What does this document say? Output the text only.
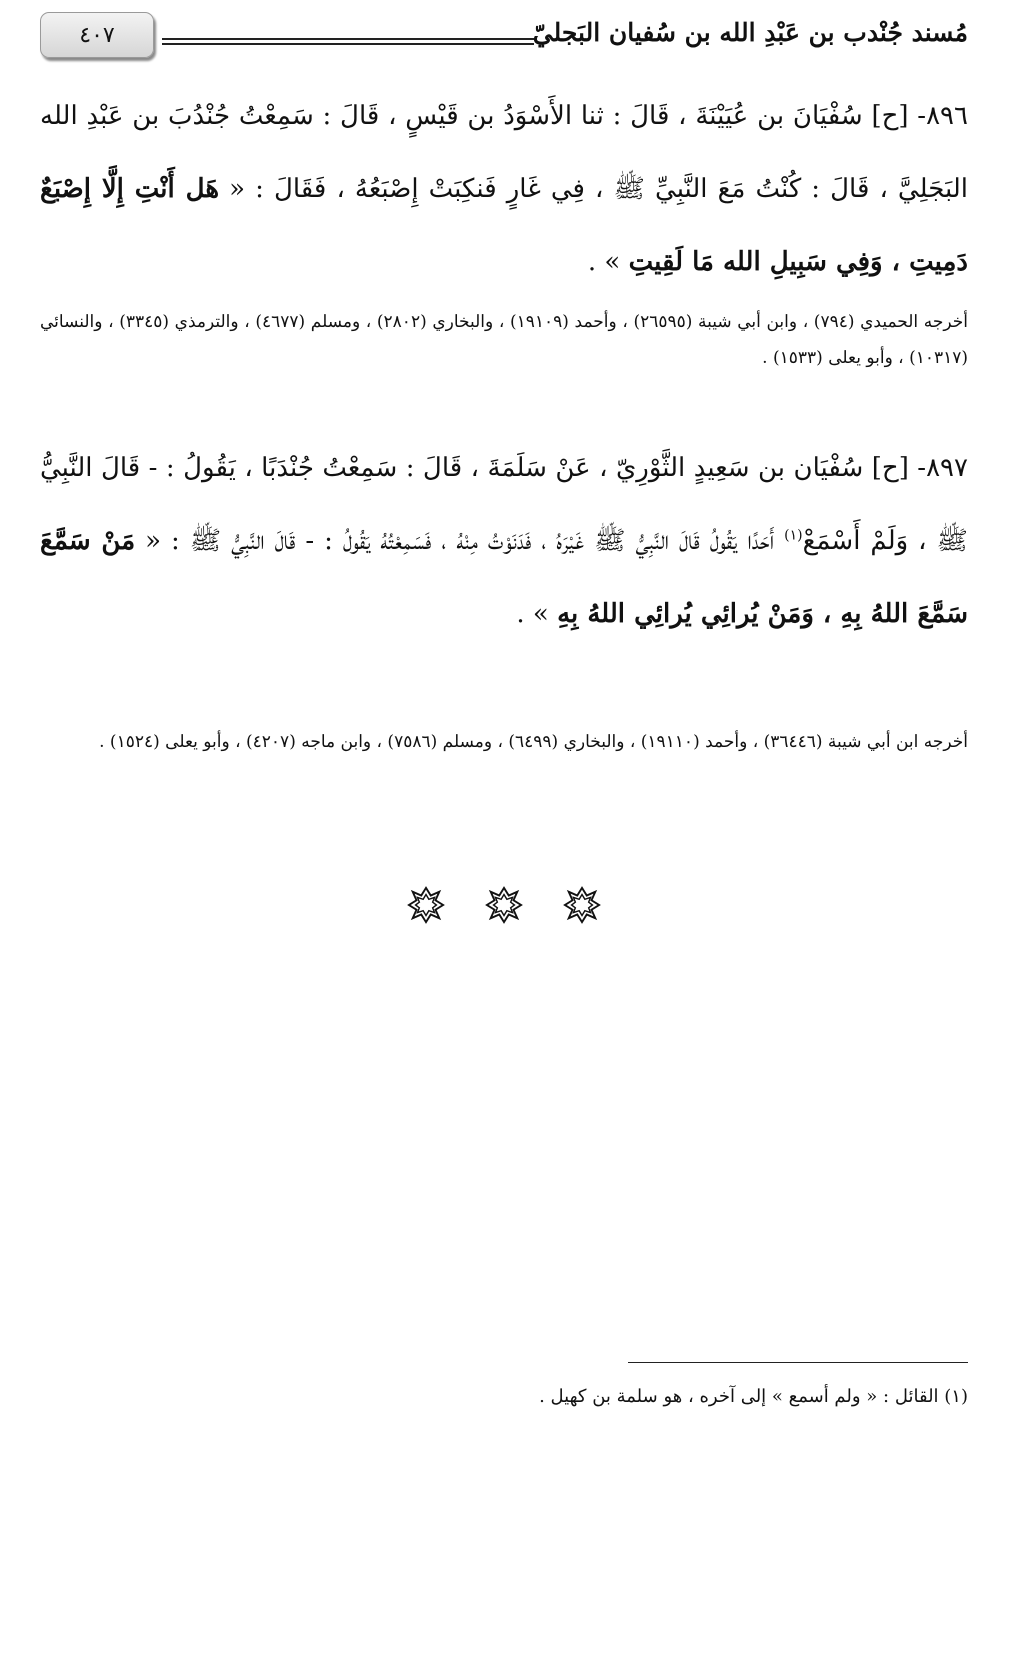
مُسند جُنْدب بن عَبْدِ الله بن سُفيان البَجليّ
٤٠٧
٨٩٦- [ح] سُفْيَانَ بن عُيَيْنَةَ ، قَالَ : ثنا الأَسْوَدُ بن قَيْسٍ ، قَالَ : سَمِعْتُ جُنْدُبَ بن عَبْدِ الله البَجَلِيَّ ، قَالَ : كُنْتُ مَعَ النَّبِيِّ ﷺ ، فِي غَارٍ فَنكِبَتْ إِصْبَعُهُ ، فَقَالَ : « هَل أَنْتِ إِلَّا إِصْبَعٌ دَمِيتِ ، وَفِي سَبِيلِ الله مَا لَقِيتِ » .
أخرجه الحميدي (٧٩٤) ، وابن أبي شيبة (٢٦٥٩٥) ، وأحمد (١٩١٠٩) ، والبخاري (٢٨٠٢) ، ومسلم (٤٦٧٧) ، والترمذي (٣٣٤٥) ، والنسائي (١٠٣١٧) ، وأبو يعلى (١٥٣٣) .
٨٩٧- [ح] سُفْيَان بن سَعِيدٍ الثَّوْرِيّ ، عَنْ سَلَمَةَ ، قَالَ : سَمِعْتُ جُنْدَبًا ، يَقُولُ : - قَالَ النَّبِيُّ ﷺ ، وَلَمْ أَسْمَعْ$^{(١)}$ أَحَدًا يَقُولُ قَالَ النَّبِيُّ ﷺ غَيْرَهُ ، فَدَنَوْتُ مِنْهُ ، فَسَمِعْتُهُ يَقُولُ : - قَالَ النَّبِيُّ ﷺ : « مَنْ سَمَّعَ سَمَّعَ اللهُ بِهِ ، وَمَنْ يُرائِي يُرائِي اللهُ بِهِ » .
أخرجه ابن أبي شيبة (٣٦٤٤٦) ، وأحمد (١٩١١٠) ، والبخاري (٦٤٩٩) ، ومسلم (٧٥٨٦) ، وابن ماجه (٤٢٠٧) ، وأبو يعلى (١٥٢٤) .
(١) القائل : « ولم أسمع » إلى آخره ، هو سلمة بن كهيل .
